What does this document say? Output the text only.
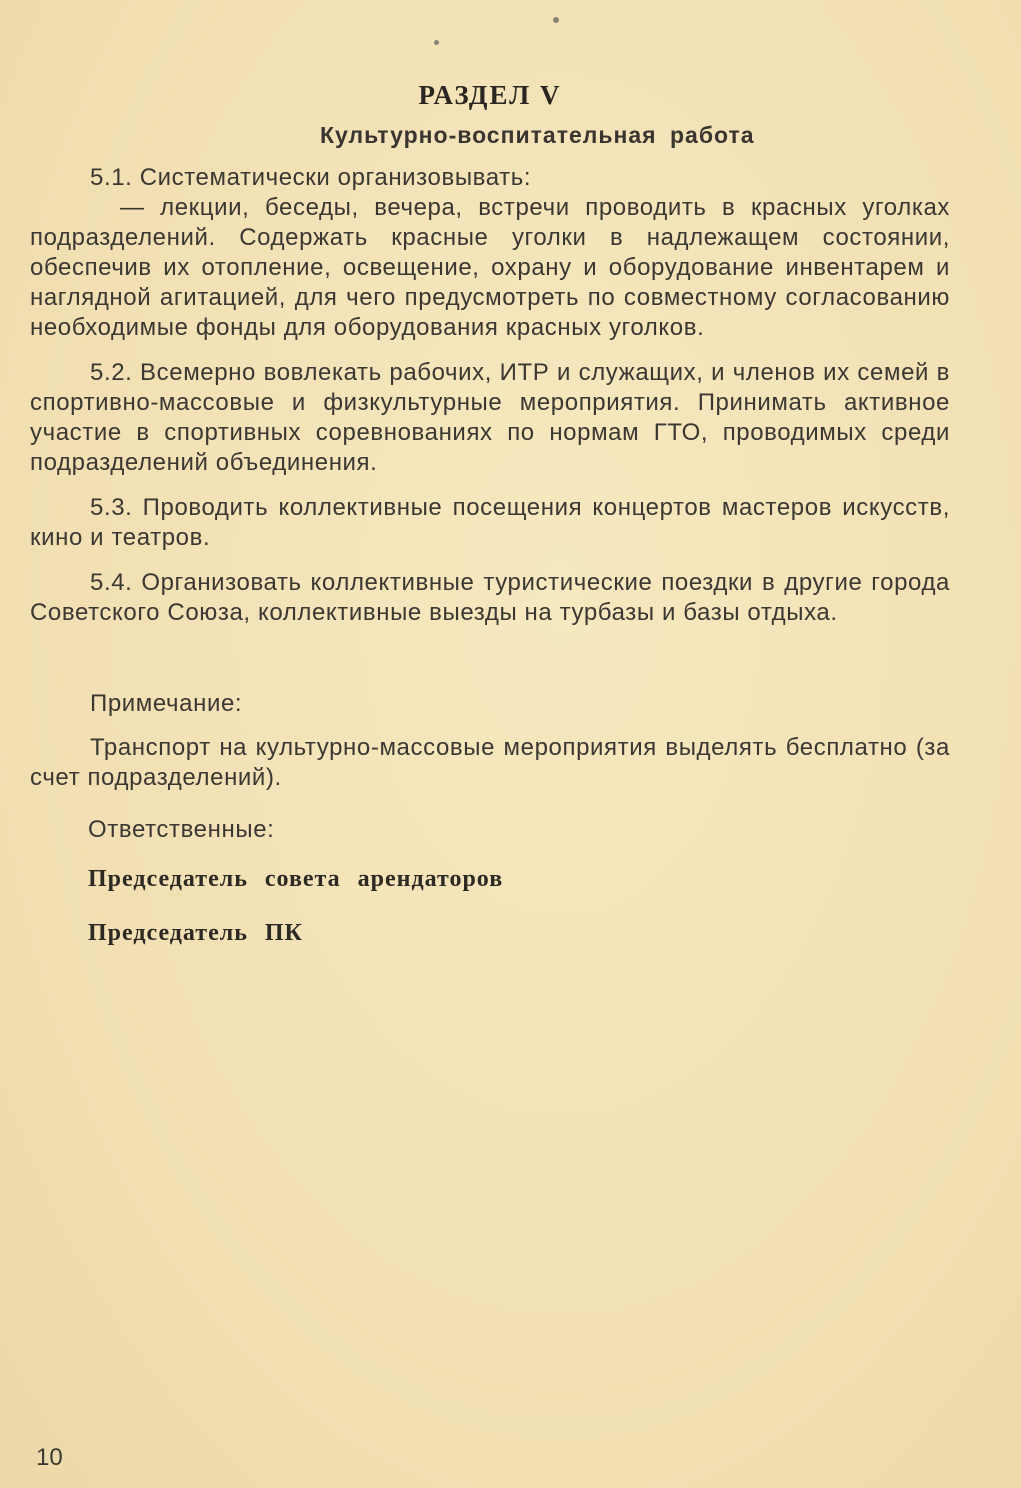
РАЗДЕЛ V
Культурно-воспитательная работа

5.1. Систематически организовывать:

— лекции, беседы, вечера, встречи проводить в красных уголках подразделений. Содержать красные уголки в надлежащем состоянии, обеспечив их отопление, освещение, охрану и оборудование инвентарем и наглядной агитацией, для чего предусмотреть по совместному согласованию необходимые фонды для оборудования красных уголков.

5.2. Всемерно вовлекать рабочих, ИТР и служащих, и членов их семей в спортивно-массовые и физкультурные мероприятия. Принимать активное участие в спортивных соревнованиях по нормам ГТО, проводимых среди подразделений объединения.

5.3. Проводить коллективные посещения концертов мастеров искусств, кино и театров.

5.4. Организовать коллективные туристические поездки в другие города Советского Союза, коллективные выезды на турбазы и базы отдыха.

Примечание:
Транспорт на культурно-массовые мероприятия выделять бесплатно (за счет подразделений).
Ответственные:
Председатель совета арендаторов
Председатель ПК
10
